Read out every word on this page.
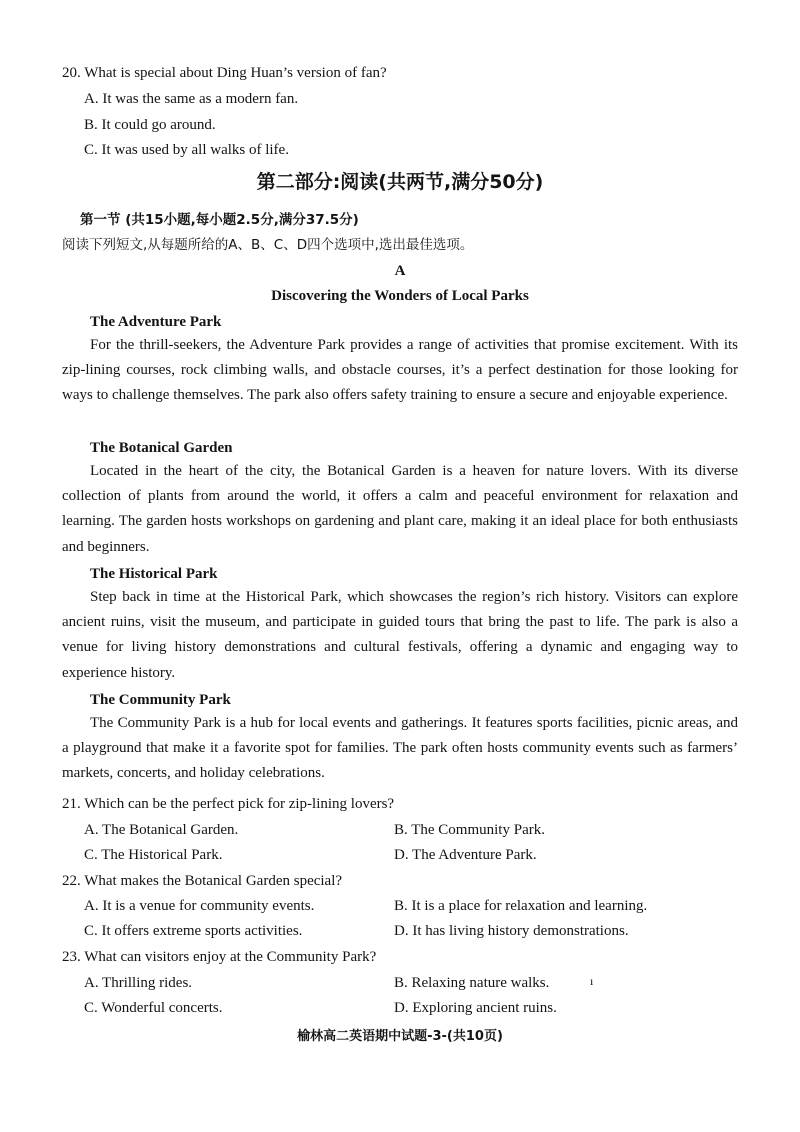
20. What is special about Ding Huan’s version of fan?
A. It was the same as a modern fan.
B. It could go around.
C. It was used by all walks of life.
第二部分:阅读(共两节,满分50分)
第一节 (共15小题,每小题2.5分,满分37.5分)
阅读下列短文,从每题所给的A、B、C、D四个选项中,选出最佳选项。
A
Discovering the Wonders of Local Parks
The Adventure Park

For the thrill-seekers, the Adventure Park provides a range of activities that promise excitement. With its zip-lining courses, rock climbing walls, and obstacle courses, it’s a perfect destination for those looking for ways to challenge themselves. The park also offers safety training to ensure a secure and enjoyable experience.

The Botanical Garden

Located in the heart of the city, the Botanical Garden is a heaven for nature lovers. With its diverse collection of plants from around the world, it offers a calm and peaceful environment for relaxation and learning. The garden hosts workshops on gardening and plant care, making it an ideal place for both enthusiasts and beginners.

The Historical Park

Step back in time at the Historical Park, which showcases the region’s rich history. Visitors can explore ancient ruins, visit the museum, and participate in guided tours that bring the past to life. The park is also a venue for living history demonstrations and cultural festivals, offering a dynamic and engaging way to experience history.

The Community Park

The Community Park is a hub for local events and gatherings. It features sports facilities, picnic areas, and a playground that make it a favorite spot for families. The park often hosts community events such as farmers’ markets, concerts, and holiday celebrations.

21. Which can be the perfect pick for zip-lining lovers?
A. The Botanical Garden.	B. The Community Park.
C. The Historical Park.	D. The Adventure Park.
22. What makes the Botanical Garden special?
A. It is a venue for community events.	B. It is a place for relaxation and learning.
C. It offers extreme sports activities.	D. It has living history demonstrations.
23. What can visitors enjoy at the Community Park?
A. Thrilling rides.	B. Relaxing nature walks.	ı
C. Wonderful concerts.	D. Exploring ancient ruins.
榆林高二英语期中试题-3-(共10页)
